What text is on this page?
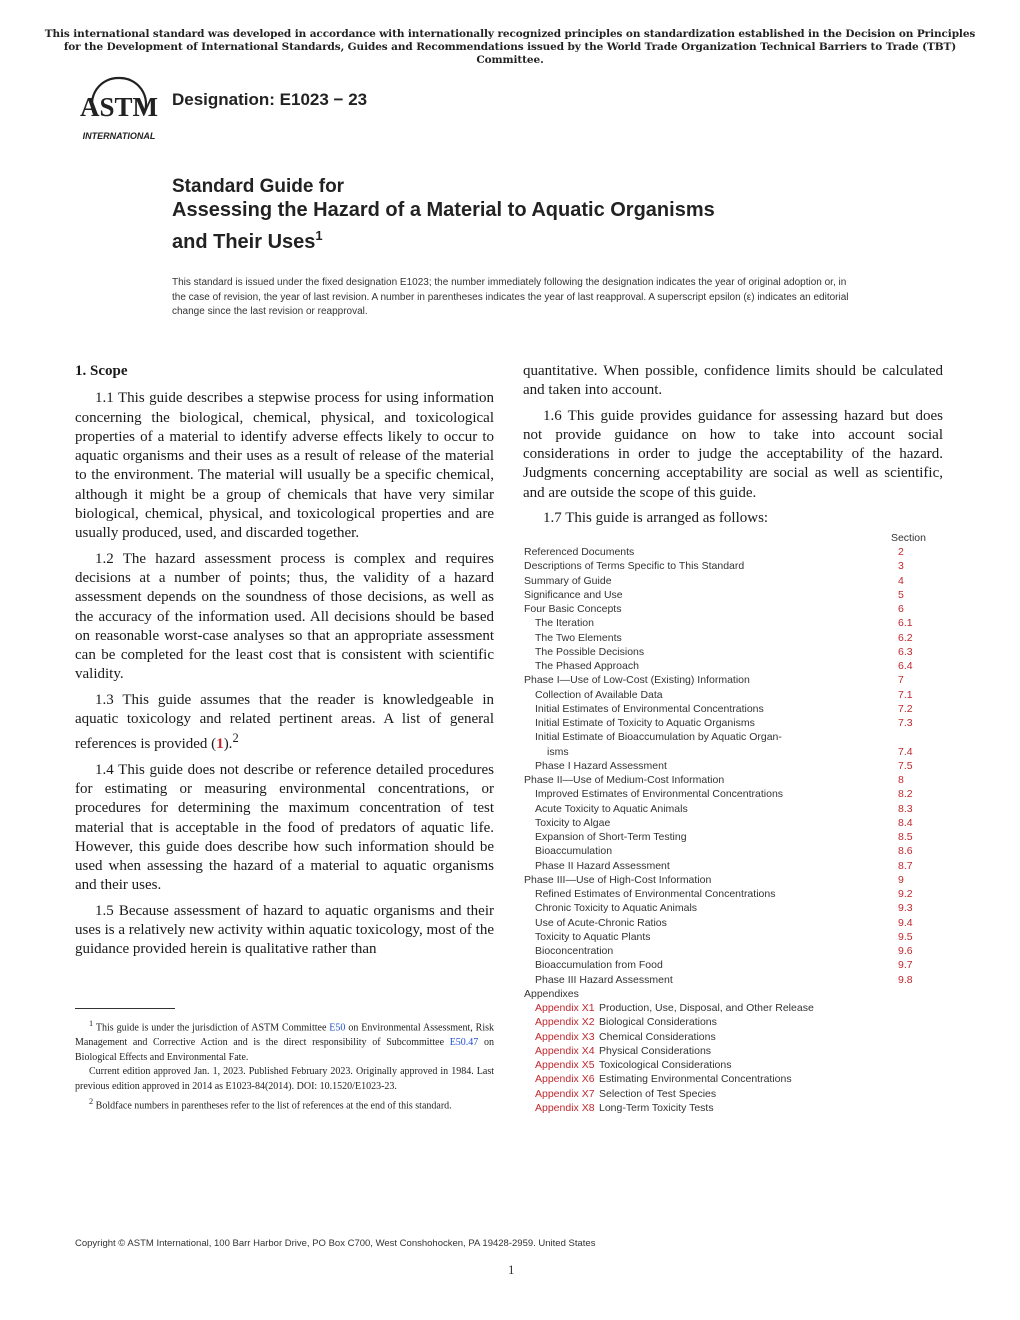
This international standard was developed in accordance with internationally recognized principles on standardization established in the Decision on Principles for the Development of International Standards, Guides and Recommendations issued by the World Trade Organization Technical Barriers to Trade (TBT) Committee.
ASTM
INTERNATIONAL
Designation: E1023 − 23
Standard Guide for
Assessing the Hazard of a Material to Aquatic Organisms
and Their Uses$^1$
This standard is issued under the fixed designation E1023; the number immediately following the designation indicates the year of original adoption or, in the case of revision, the year of last revision. A number in parentheses indicates the year of last reapproval. A superscript epsilon (ε) indicates an editorial change since the last revision or reapproval.
1. Scope

1.1 This guide describes a stepwise process for using information concerning the biological, chemical, physical, and toxicological properties of a material to identify adverse effects likely to occur to aquatic organisms and their uses as a result of release of the material to the environment. The material will usually be a specific chemical, although it might be a group of chemicals that have very similar biological, chemical, physical, and toxicological properties and are usually produced, used, and discarded together.

1.2 The hazard assessment process is complex and requires decisions at a number of points; thus, the validity of a hazard assessment depends on the soundness of those decisions, as well as the accuracy of the information used. All decisions should be based on reasonable worst-case analyses so that an appropriate assessment can be completed for the least cost that is consistent with scientific validity.

1.3 This guide assumes that the reader is knowledgeable in aquatic toxicology and related pertinent areas. A list of general references is provided (1).$^2$

1.4 This guide does not describe or reference detailed procedures for estimating or measuring environmental concentrations, or procedures for determining the maximum concentration of test material that is acceptable in the food of predators of aquatic life. However, this guide does describe how such information should be used when assessing the hazard of a material to aquatic organisms and their uses.

1.5 Because assessment of hazard to aquatic organisms and their uses is a relatively new activity within aquatic toxicology, most of the guidance provided herein is qualitative rather than

quantitative. When possible, confidence limits should be calculated and taken into account.

1.6 This guide provides guidance for assessing hazard but does not provide guidance on how to take into account social considerations in order to judge the acceptability of the hazard. Judgments concerning acceptability are social as well as scientific, and are outside the scope of this guide.

1.7 This guide is arranged as follows:

Section
Referenced Documents	2
Descriptions of Terms Specific to This Standard	3
Summary of Guide	4
Significance and Use	5
Four Basic Concepts	6
The Iteration	6.1
The Two Elements	6.2
The Possible Decisions	6.3
The Phased Approach	6.4
Phase I—Use of Low-Cost (Existing) Information	7
Collection of Available Data	7.1
Initial Estimates of Environmental Concentrations	7.2
Initial Estimate of Toxicity to Aquatic Organisms	7.3
Initial Estimate of Bioaccumulation by Aquatic Organ-
isms	7.4
Phase I Hazard Assessment	7.5
Phase II—Use of Medium-Cost Information	8
Improved Estimates of Environmental Concentrations	8.2
Acute Toxicity to Aquatic Animals	8.3
Toxicity to Algae	8.4
Expansion of Short-Term Testing	8.5
Bioaccumulation	8.6
Phase II Hazard Assessment	8.7
Phase III—Use of High-Cost Information	9
Refined Estimates of Environmental Concentrations	9.2
Chronic Toxicity to Aquatic Animals	9.3
Use of Acute-Chronic Ratios	9.4
Toxicity to Aquatic Plants	9.5
Bioconcentration	9.6
Bioaccumulation from Food	9.7
Phase III Hazard Assessment	9.8
Appendixes
Appendix X1 Production, Use, Disposal, and Other Release
Appendix X2 Biological Considerations
Appendix X3 Chemical Considerations
Appendix X4 Physical Considerations
Appendix X5 Toxicological Considerations
Appendix X6 Estimating Environmental Concentrations
Appendix X7 Selection of Test Species
Appendix X8 Long-Term Toxicity Tests

$^1$ This guide is under the jurisdiction of ASTM Committee E50 on Environmental Assessment, Risk Management and Corrective Action and is the direct responsibility of Subcommittee E50.47 on Biological Effects and Environmental Fate.

Current edition approved Jan. 1, 2023. Published February 2023. Originally approved in 1984. Last previous edition approved in 2014 as E1023-84(2014). DOI: 10.1520/E1023-23.

$^2$ Boldface numbers in parentheses refer to the list of references at the end of this standard.

Copyright © ASTM International, 100 Barr Harbor Drive, PO Box C700, West Conshohocken, PA 19428-2959. United States
1
